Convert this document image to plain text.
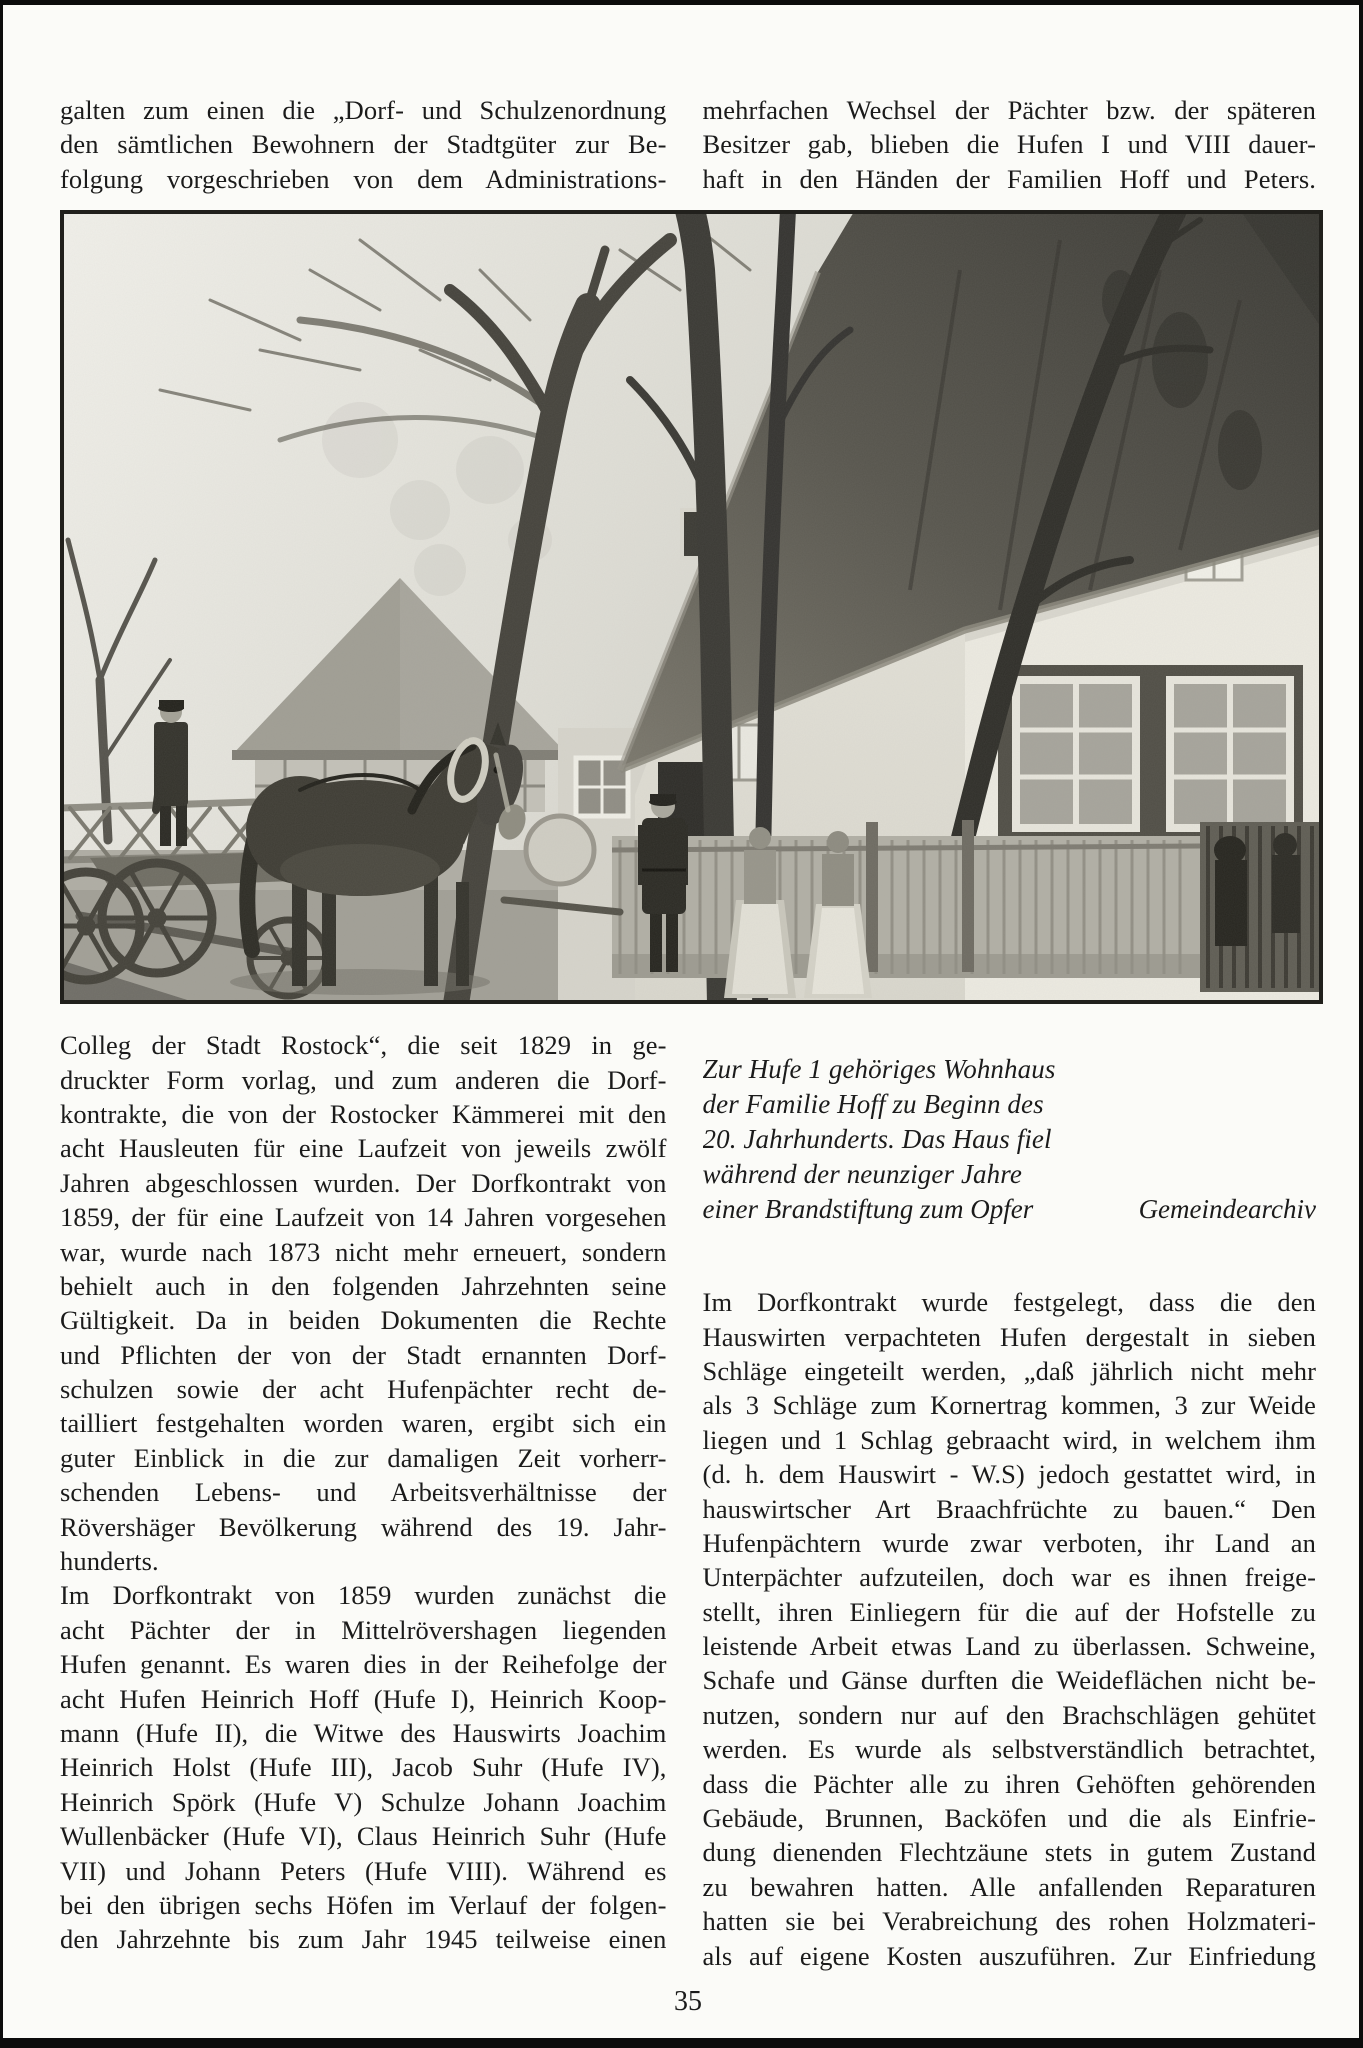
galten zum einen die „Dorf- und Schulzenordnung
den sämtlichen Bewohnern der Stadtgüter zur Be-
folgung vorgeschrieben von dem Administrations-
mehrfachen Wechsel der Pächter bzw. der späteren
Besitzer gab, blieben die Hufen I und VIII dauer-
haft in den Händen der Familien Hoff und Peters.
Colleg der Stadt Rostock“, die seit 1829 in ge-
druckter Form vorlag, und zum anderen die Dorf-
kontrakte, die von der Rostocker Kämmerei mit den
acht Hausleuten für eine Laufzeit von jeweils zwölf
Jahren abgeschlossen wurden. Der Dorfkontrakt von
1859, der für eine Laufzeit von 14 Jahren vorgesehen
war, wurde nach 1873 nicht mehr erneuert, sondern
behielt auch in den folgenden Jahrzehnten seine
Gültigkeit. Da in beiden Dokumenten die Rechte
und Pflichten der von der Stadt ernannten Dorf-
schulzen sowie der acht Hufenpächter recht de-
tailliert festgehalten worden waren, ergibt sich ein
guter Einblick in die zur damaligen Zeit vorherr-
schenden Lebens- und Arbeitsverhältnisse der
Rövershäger Bevölkerung während des 19. Jahr-
hunderts.
Im Dorfkontrakt von 1859 wurden zunächst die
acht Pächter der in Mittelrövershagen liegenden
Hufen genannt. Es waren dies in der Reihefolge der
acht Hufen Heinrich Hoff (Hufe I), Heinrich Koop-
mann (Hufe II), die Witwe des Hauswirts Joachim
Heinrich Holst (Hufe III), Jacob Suhr (Hufe IV),
Heinrich Spörk (Hufe V) Schulze Johann Joachim
Wullenbäcker (Hufe VI), Claus Heinrich Suhr (Hufe
VII) und Johann Peters (Hufe VIII). Während es
bei den übrigen sechs Höfen im Verlauf der folgen-
den Jahrzehnte bis zum Jahr 1945 teilweise einen
Zur Hufe 1 gehöriges Wohnhaus
der Familie Hoff zu Beginn des
20. Jahrhunderts. Das Haus fiel
während der neunziger Jahre
einer Brandstiftung zum Opfer	Gemeindearchiv
Im Dorfkontrakt wurde festgelegt, dass die den
Hauswirten verpachteten Hufen dergestalt in sieben
Schläge eingeteilt werden, „daß jährlich nicht mehr
als 3 Schläge zum Kornertrag kommen, 3 zur Weide
liegen und 1 Schlag gebraacht wird, in welchem ihm
(d. h. dem Hauswirt - W.S) jedoch gestattet wird, in
hauswirtscher Art Braachfrüchte zu bauen.“ Den
Hufenpächtern wurde zwar verboten, ihr Land an
Unterpächter aufzuteilen, doch war es ihnen freige-
stellt, ihren Einliegern für die auf der Hofstelle zu
leistende Arbeit etwas Land zu überlassen. Schweine,
Schafe und Gänse durften die Weideflächen nicht be-
nutzen, sondern nur auf den Brachschlägen gehütet
werden. Es wurde als selbstverständlich betrachtet,
dass die Pächter alle zu ihren Gehöften gehörenden
Gebäude, Brunnen, Backöfen und die als Einfrie-
dung dienenden Flechtzäune stets in gutem Zustand
zu bewahren hatten. Alle anfallenden Reparaturen
hatten sie bei Verabreichung des rohen Holzmateri-
als auf eigene Kosten auszuführen. Zur Einfriedung
35
